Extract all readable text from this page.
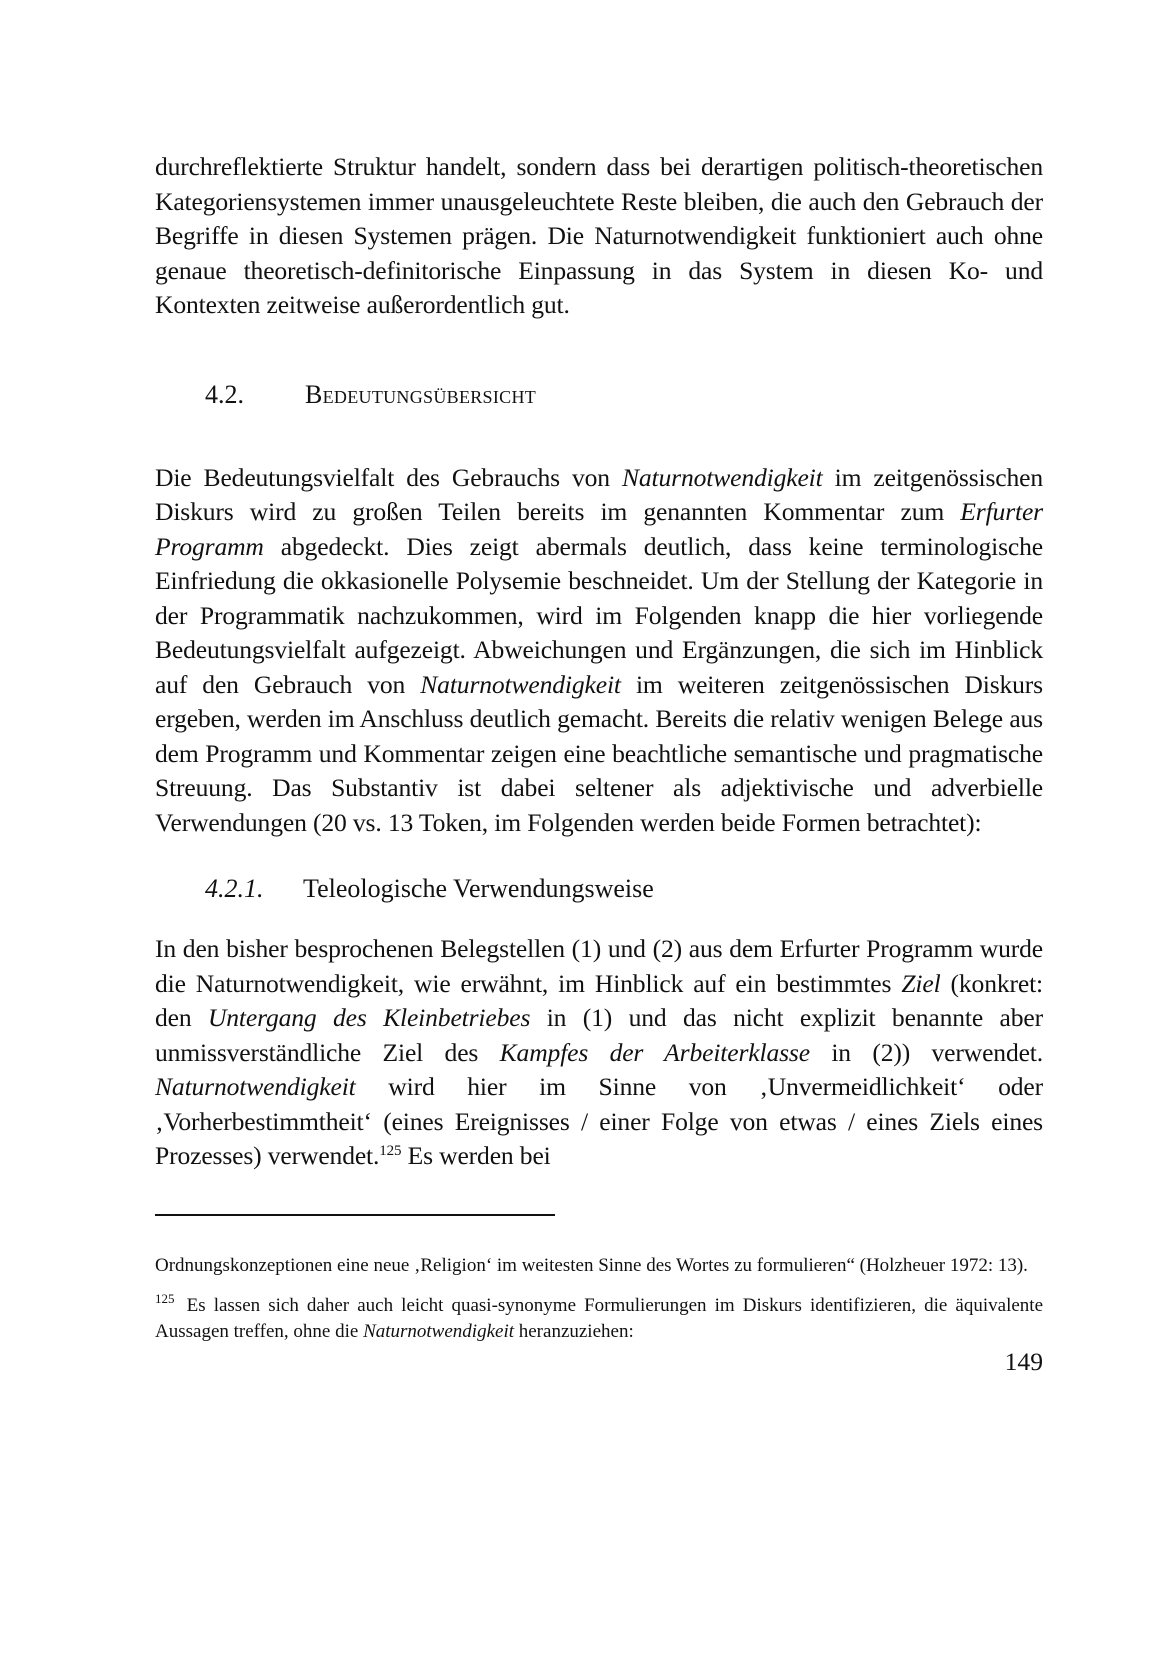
durchreflektierte Struktur handelt, sondern dass bei derartigen politisch-theoretischen Kategoriensystemen immer unausgeleuchtete Reste bleiben, die auch den Gebrauch der Begriffe in diesen Systemen prägen. Die Naturnotwendigkeit funktioniert auch ohne genaue theoretisch-definitorische Einpassung in das System in diesen Ko- und Kontexten zeitweise außerordentlich gut.

4.2.	Bedeutungsübersicht

Die Bedeutungsvielfalt des Gebrauchs von Naturnotwendigkeit im zeitgenössischen Diskurs wird zu großen Teilen bereits im genannten Kommentar zum Erfurter Programm abgedeckt. Dies zeigt abermals deutlich, dass keine terminologische Einfriedung die okkasionelle Polysemie beschneidet. Um der Stellung der Kategorie in der Programmatik nachzukommen, wird im Folgenden knapp die hier vorliegende Bedeutungsvielfalt aufgezeigt. Abweichungen und Ergänzungen, die sich im Hinblick auf den Gebrauch von Naturnotwendigkeit im weiteren zeitgenössischen Diskurs ergeben, werden im Anschluss deutlich gemacht. Bereits die relativ wenigen Belege aus dem Programm und Kommentar zeigen eine beachtliche semantische und pragmatische Streuung. Das Substantiv ist dabei seltener als adjektivische und adverbielle Verwendungen (20 vs. 13 Token, im Folgenden werden beide Formen betrachtet):

4.2.1.	Teleologische Verwendungsweise

In den bisher besprochenen Belegstellen (1) und (2) aus dem Erfurter Programm wurde die Naturnotwendigkeit, wie erwähnt, im Hinblick auf ein bestimmtes Ziel (konkret: den Untergang des Kleinbetriebes in (1) und das nicht explizit benannte aber unmissverständliche Ziel des Kampfes der Arbeiterklasse in (2)) verwendet. Naturnotwendigkeit wird hier im Sinne von ‚Unvermeidlichkeit‘ oder ‚Vorherbestimmtheit‘ (eines Ereignisses / einer Folge von etwas / eines Ziels eines Prozesses) verwendet.$^{125}$ Es werden bei

Ordnungskonzeptionen eine neue ‚Religion‘ im weitesten Sinne des Wortes zu formulieren“ (Holzheuer 1972: 13).

$^{125}$ Es lassen sich daher auch leicht quasi-synonyme Formulierungen im Diskurs identifizieren, die äquivalente Aussagen treffen, ohne die Naturnotwendigkeit heranzuziehen:

149
